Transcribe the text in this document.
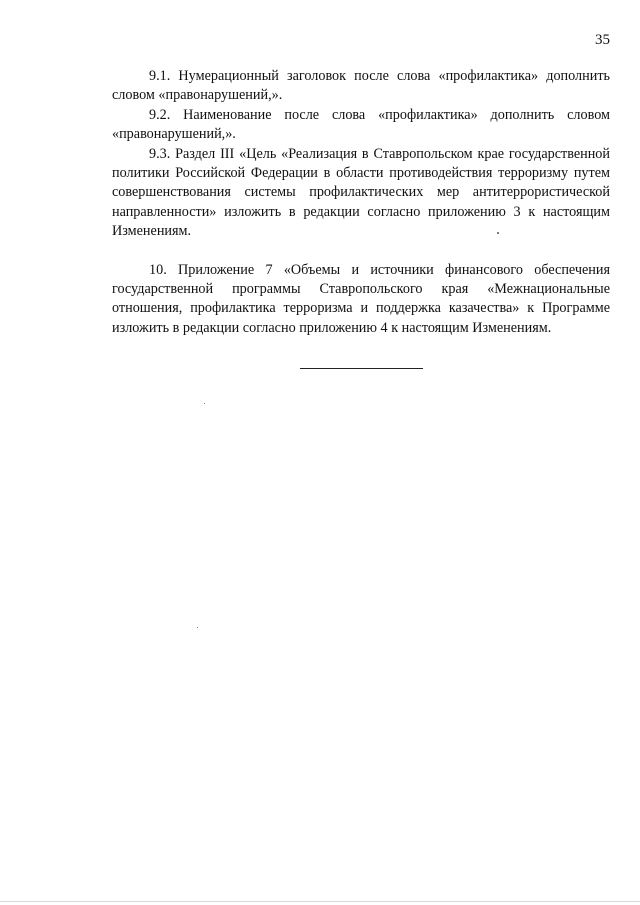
35

9.1. Нумерационный заголовок после слова «профилактика» дополнить словом «правонарушений,».

9.2. Наименование после слова «профилактика» дополнить словом «правонарушений,».

9.3. Раздел III «Цель «Реализация в Ставропольском крае государственной политики Российской Федерации в области противодействия терроризму путем совершенствования системы профилактических мер антитеррористической направленности» изложить в редакции согласно приложению 3 к настоящим Изменениям.

10. Приложение 7 «Объемы и источники финансового обеспечения государственной программы Ставропольского края «Межнациональные отношения, профилактика терроризма и поддержка казачества» к Программе изложить в редакции согласно приложению 4 к настоящим Изменениям.
